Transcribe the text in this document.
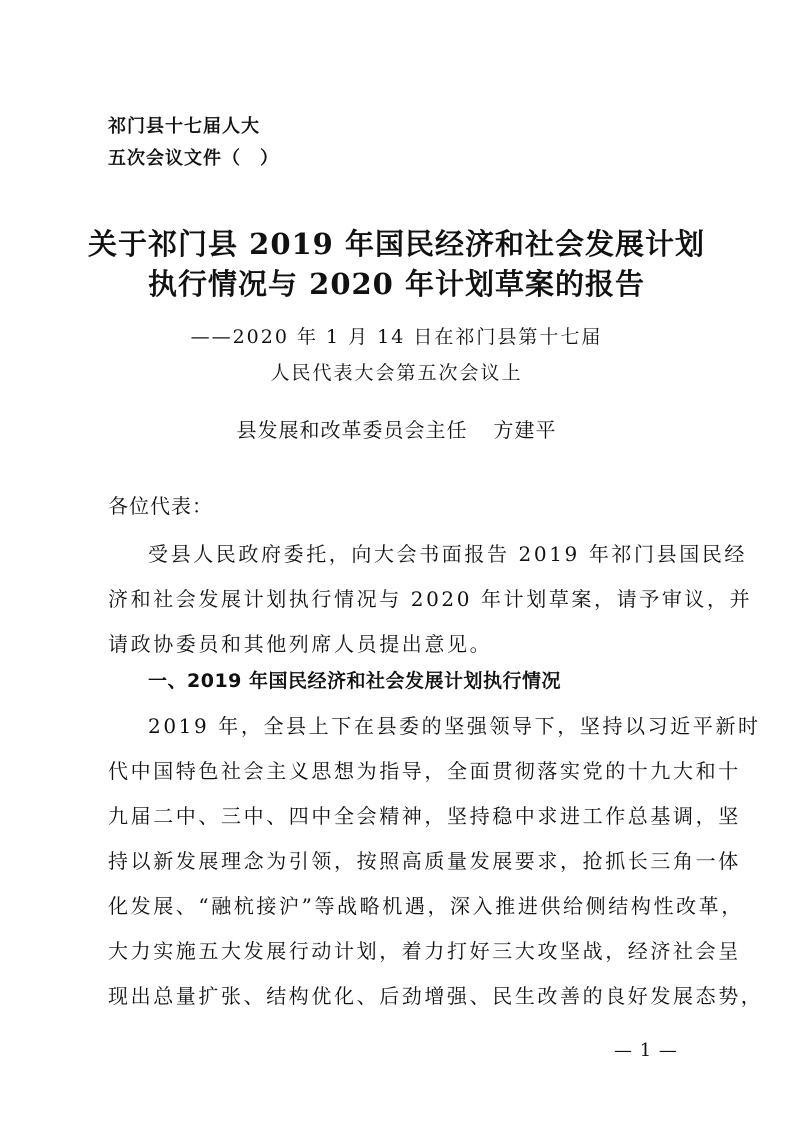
祁门县十七届人大
五次会议文件（　）
关于祁门县 2019 年国民经济和社会发展计划
执行情况与 2020 年计划草案的报告
——2020 年 1 月 14 日在祁门县第十七届
人民代表大会第五次会议上
县发展和改革委员会主任 方建平
各位代表：
受县人民政府委托，向大会书面报告 2019 年祁门县国民经
济和社会发展计划执行情况与 2020 年计划草案，请予审议，并
请政协委员和其他列席人员提出意见。
一、2019 年国民经济和社会发展计划执行情况
2019 年，全县上下在县委的坚强领导下，坚持以习近平新时
代中国特色社会主义思想为指导，全面贯彻落实党的十九大和十
九届二中、三中、四中全会精神，坚持稳中求进工作总基调，坚
持以新发展理念为引领，按照高质量发展要求，抢抓长三角一体
化发展、“融杭接沪”等战略机遇，深入推进供给侧结构性改革，
大力实施五大发展行动计划，着力打好三大攻坚战，经济社会呈
现出总量扩张、结构优化、后劲增强、民生改善的良好发展态势，
— 1 —
